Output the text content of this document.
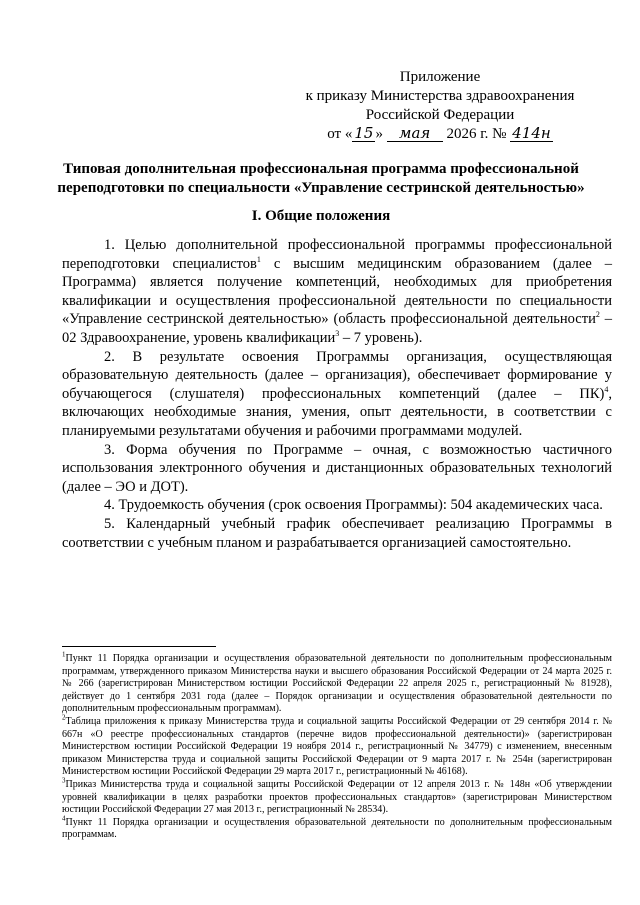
Приложение
к приказу Министерства здравоохранения
Российской Федерации
от « 15 » мая 2026 г. № 414н
Типовая дополнительная профессиональная программа профессиональной переподготовки по специальности «Управление сестринской деятельностью»
I. Общие положения

1. Целью дополнительной профессиональной программы профессиональной переподготовки специалистов$^1$ с высшим медицинским образованием (далее – Программа) является получение компетенций, необходимых для приобретения квалификации и осуществления профессиональной деятельности по специальности «Управление сестринской деятельностью» (область профессиональной деятельности$^2$ – 02 Здравоохранение, уровень квалификации$^3$ – 7 уровень).

2. В результате освоения Программы организация, осуществляющая образовательную деятельность (далее – организация), обеспечивает формирование у обучающегося (слушателя) профессиональных компетенций (далее – ПК)$^4$, включающих необходимые знания, умения, опыт деятельности, в соответствии с планируемыми результатами обучения и рабочими программами модулей.

3. Форма обучения по Программе – очная, с возможностью частичного использования электронного обучения и дистанционных образовательных технологий (далее – ЭО и ДОТ).

4. Трудоемкость обучения (срок освоения Программы): 504 академических часа.

5. Календарный учебный график обеспечивает реализацию Программы в соответствии с учебным планом и разрабатывается организацией самостоятельно.

$^1$Пункт 11 Порядка организации и осуществления образовательной деятельности по дополнительным профессиональным программам, утвержденного приказом Министерства науки и высшего образования Российской Федерации от 24 марта 2025 г. № 266 (зарегистрирован Министерством юстиции Российской Федерации 22 апреля 2025 г., регистрационный № 81928), действует до 1 сентября 2031 года (далее – Порядок организации и осуществления образовательной деятельности по дополнительным профессиональным программам).

$^2$Таблица приложения к приказу Министерства труда и социальной защиты Российской Федерации от 29 сентября 2014 г. № 667н «О реестре профессиональных стандартов (перечне видов профессиональной деятельности)» (зарегистрирован Министерством юстиции Российской Федерации 19 ноября 2014 г., регистрационный № 34779) с изменением, внесенным приказом Министерства труда и социальной защиты Российской Федерации от 9 марта 2017 г. № 254н (зарегистрирован Министерством юстиции Российской Федерации 29 марта 2017 г., регистрационный № 46168).

$^3$Приказ Министерства труда и социальной защиты Российской Федерации от 12 апреля 2013 г. № 148н «Об утверждении уровней квалификации в целях разработки проектов профессиональных стандартов» (зарегистрирован Министерством юстиции Российской Федерации 27 мая 2013 г., регистрационный № 28534).

$^4$Пункт 11 Порядка организации и осуществления образовательной деятельности по дополнительным профессиональным программам.
